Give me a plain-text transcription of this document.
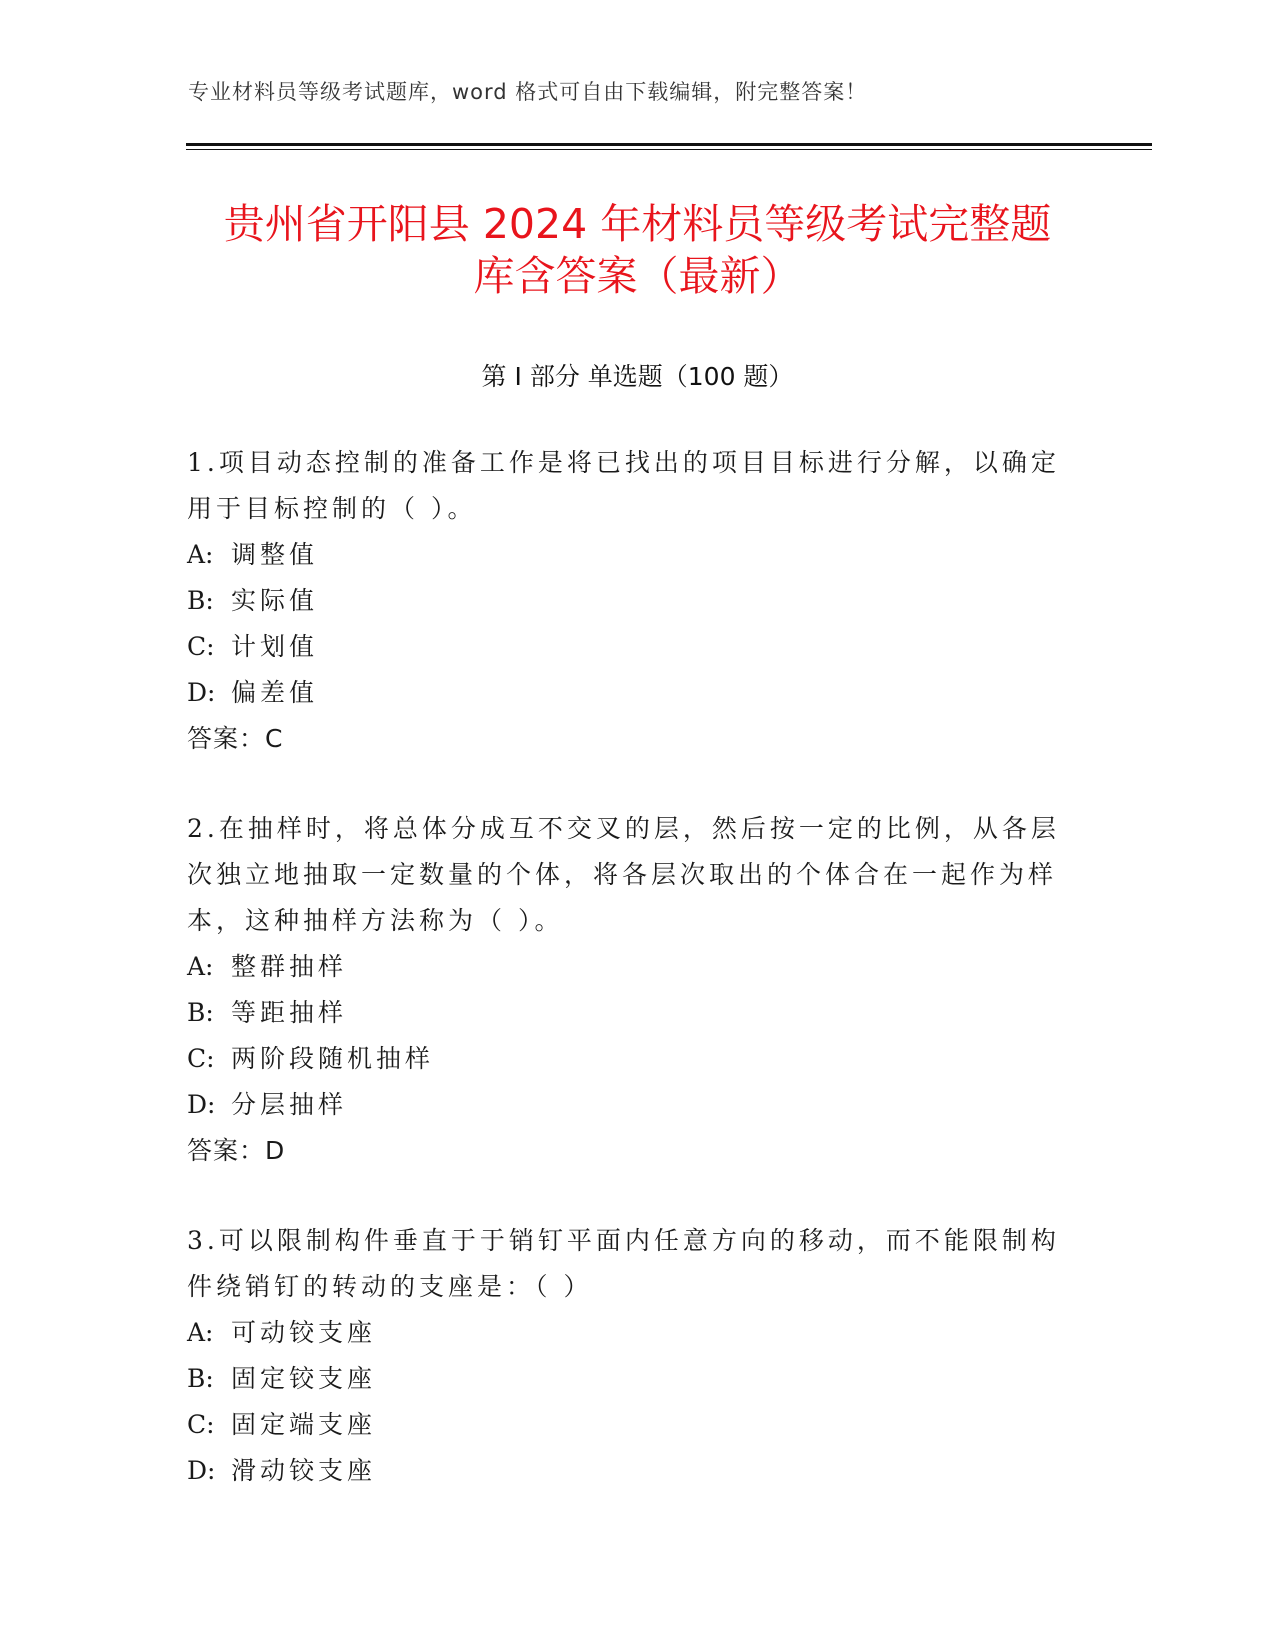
专业材料员等级考试题库，word 格式可自由下载编辑，附完整答案！
贵州省开阳县 2024 年材料员等级考试完整题
库含答案（最新）
第 I 部分 单选题（100 题）

1.项目动态控制的准备工作是将已找出的项目目标进行分解，以确定用于目标控制的（ ）。

A: 调整值
B: 实际值
C: 计划值
D: 偏差值
答案：C

2.在抽样时，将总体分成互不交叉的层，然后按一定的比例，从各层次独立地抽取一定数量的个体，将各层次取出的个体合在一起作为样本，这种抽样方法称为（ ）。

A: 整群抽样
B: 等距抽样
C: 两阶段随机抽样
D: 分层抽样
答案：D

3.可以限制构件垂直于于销钉平面内任意方向的移动，而不能限制构件绕销钉的转动的支座是：（ ）

A: 可动铰支座
B: 固定铰支座
C: 固定端支座
D: 滑动铰支座
